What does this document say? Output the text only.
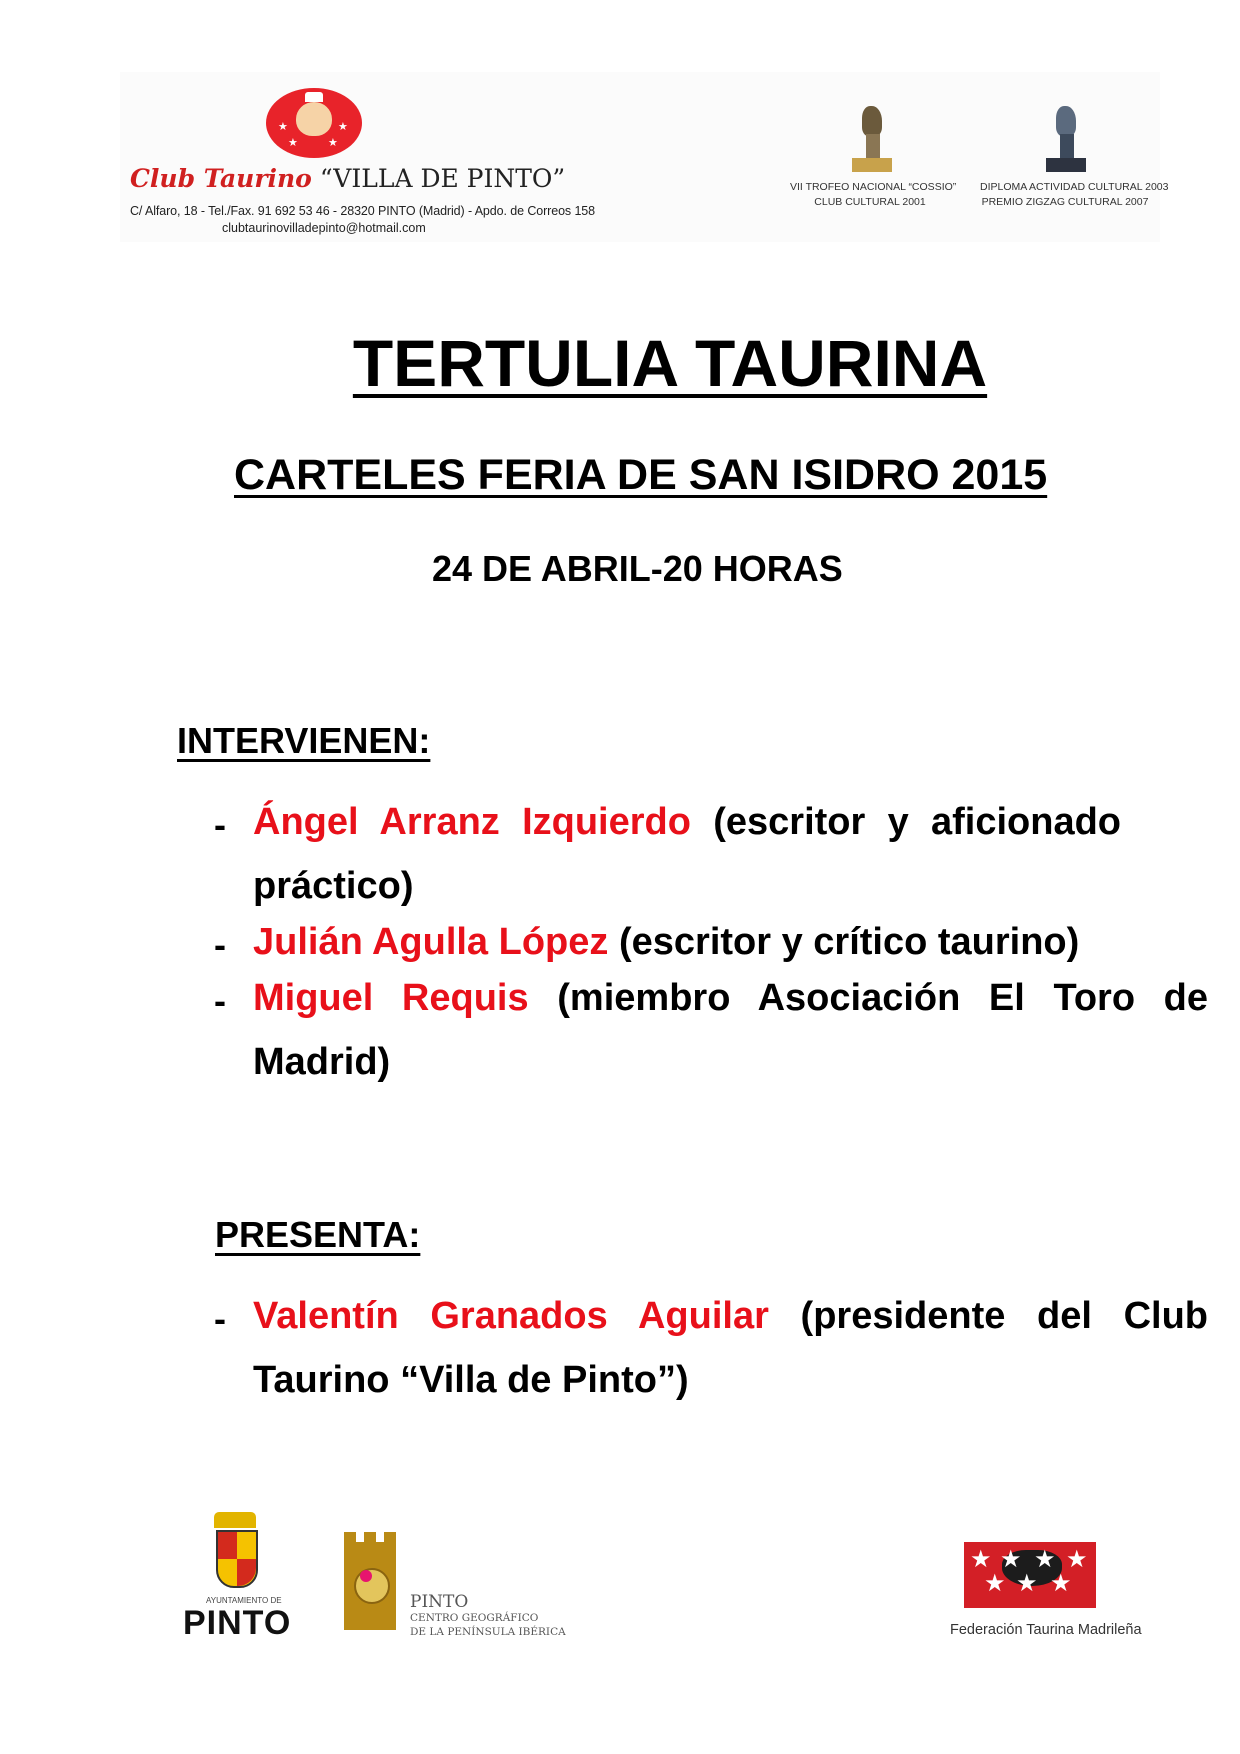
★
★
★
★
Club Taurino “VILLA DE PINTO”
C/ Alfaro, 18 - Tel./Fax. 91 692 53 46 - 28320 PINTO (Madrid) - Apdo. de Correos 158
clubtaurinovilladepinto@hotmail.com
VII TROFEO NACIONAL “COSSIO”
CLUB CULTURAL 2001
DIPLOMA ACTIVIDAD CULTURAL 2003
PREMIO ZIGZAG CULTURAL 2007
TERTULIA TAURINA
CARTELES FERIA DE SAN ISIDRO 2015
24 DE ABRIL-20 HORAS
INTERVIENEN:
- Ángel Arranz Izquierdo (escritor y aficionado práctico)
- Julián Agulla López (escritor y crítico taurino)
- Miguel Requis (miembro Asociación El Toro de Madrid)
PRESENTA:
- Valentín Granados Aguilar (presidente del Club Taurino “Villa de Pinto”)
AYUNTAMIENTO DE
PINTO
PINTO
CENTRO GEOGRÁFICO
DE LA PENÍNSULA IBÉRICA
★ ★ ★ ★
★ ★ ★
Federación Taurina Madrileña
